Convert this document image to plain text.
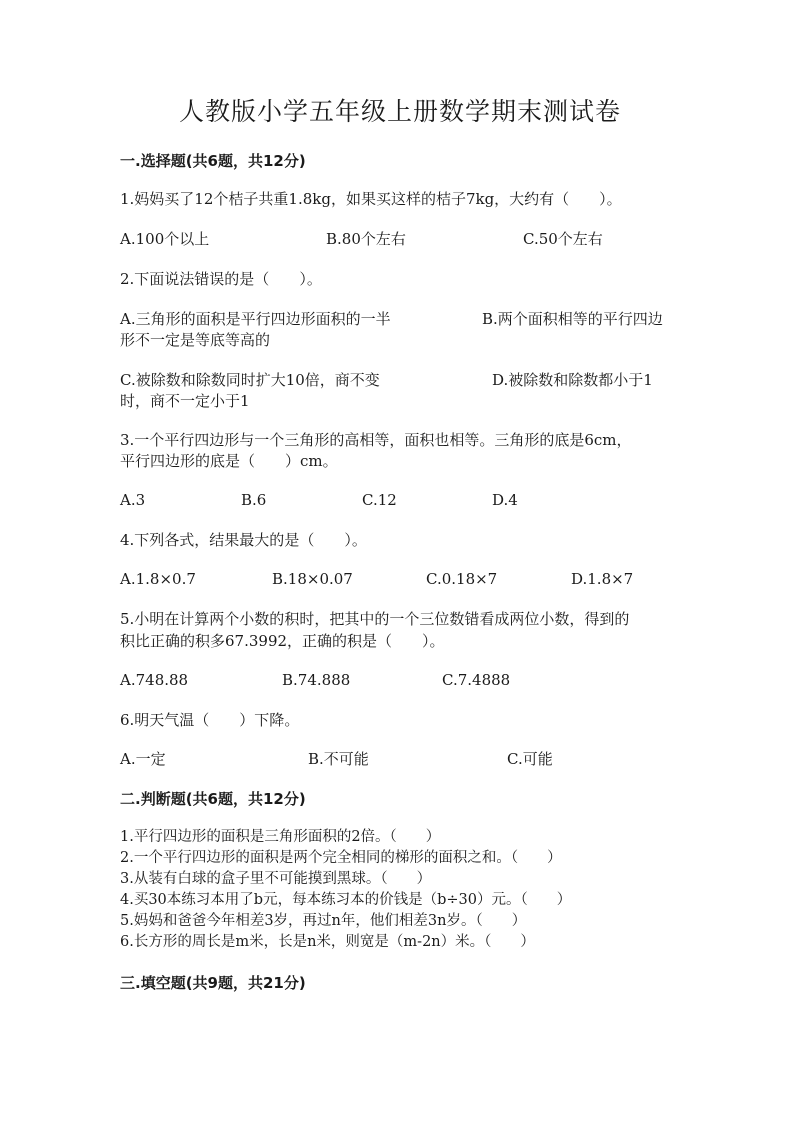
人教版小学五年级上册数学期末测试卷
一.选择题(共6题，共12分)
1.妈妈买了12个桔子共重1.8kg，如果买这样的桔子7kg，大约有（　　）。
A.100个以上	B.80个左右	C.50个左右
2.下面说法错误的是（　　）。
A.三角形的面积是平行四边形面积的一半	B.两个面积相等的平行四边
形不一定是等底等高的
C.被除数和除数同时扩大10倍，商不变	D.被除数和除数都小于1
时，商不一定小于1
3.一个平行四边形与一个三角形的高相等，面积也相等。三角形的底是6cm，
平行四边形的底是（　　）cm。
A.3	B.6	C.12	D.4
4.下列各式，结果最大的是（　　）。
A.1.8×0.7	B.18×0.07	C.0.18×7	D.1.8×7
5.小明在计算两个小数的积时，把其中的一个三位数错看成两位小数，得到的
积比正确的积多67.3992，正确的积是（　　）。
A.748.88	B.74.888	C.7.4888
6.明天气温（　　）下降。
A.一定	B.不可能	C.可能
二.判断题(共6题，共12分)
1.平行四边形的面积是三角形面积的2倍。（　　）
2.一个平行四边形的面积是两个完全相同的梯形的面积之和。（　　）
3.从装有白球的盒子里不可能摸到黑球。（　　）
4.买30本练习本用了b元，每本练习本的价钱是（b÷30）元。（　　）
5.妈妈和爸爸今年相差3岁，再过n年，他们相差3n岁。（　　）
6.长方形的周长是m米，长是n米，则宽是（m-2n）米。（　　）
三.填空题(共9题，共21分)
